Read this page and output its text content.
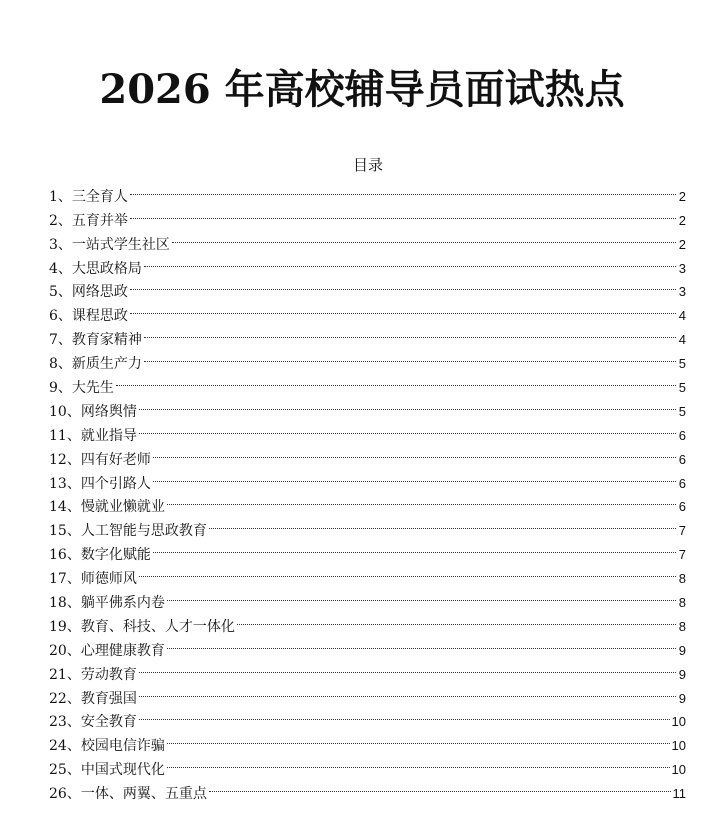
2026 年高校辅导员面试热点
目录
1、 三全育人	2
2、 五育并举	2
3、 一站式学生社区	2
4、 大思政格局	3
5、 网络思政	3
6、 课程思政	4
7、 教育家精神	4
8、 新质生产力	5
9、 大先生	5
10、 网络舆情	5
11、 就业指导	6
12、 四有好老师	6
13、 四个引路人	6
14、 慢就业懒就业	6
15、 人工智能与思政教育	7
16、 数字化赋能	7
17、 师德师风	8
18、 躺平佛系内卷	8
19、 教育、科技、人才一体化	8
20、 心理健康教育	9
21、 劳动教育	9
22、 教育强国	9
23、 安全教育	10
24、 校园电信诈骗	10
25、 中国式现代化	10
26、 一体、两翼、五重点	11
